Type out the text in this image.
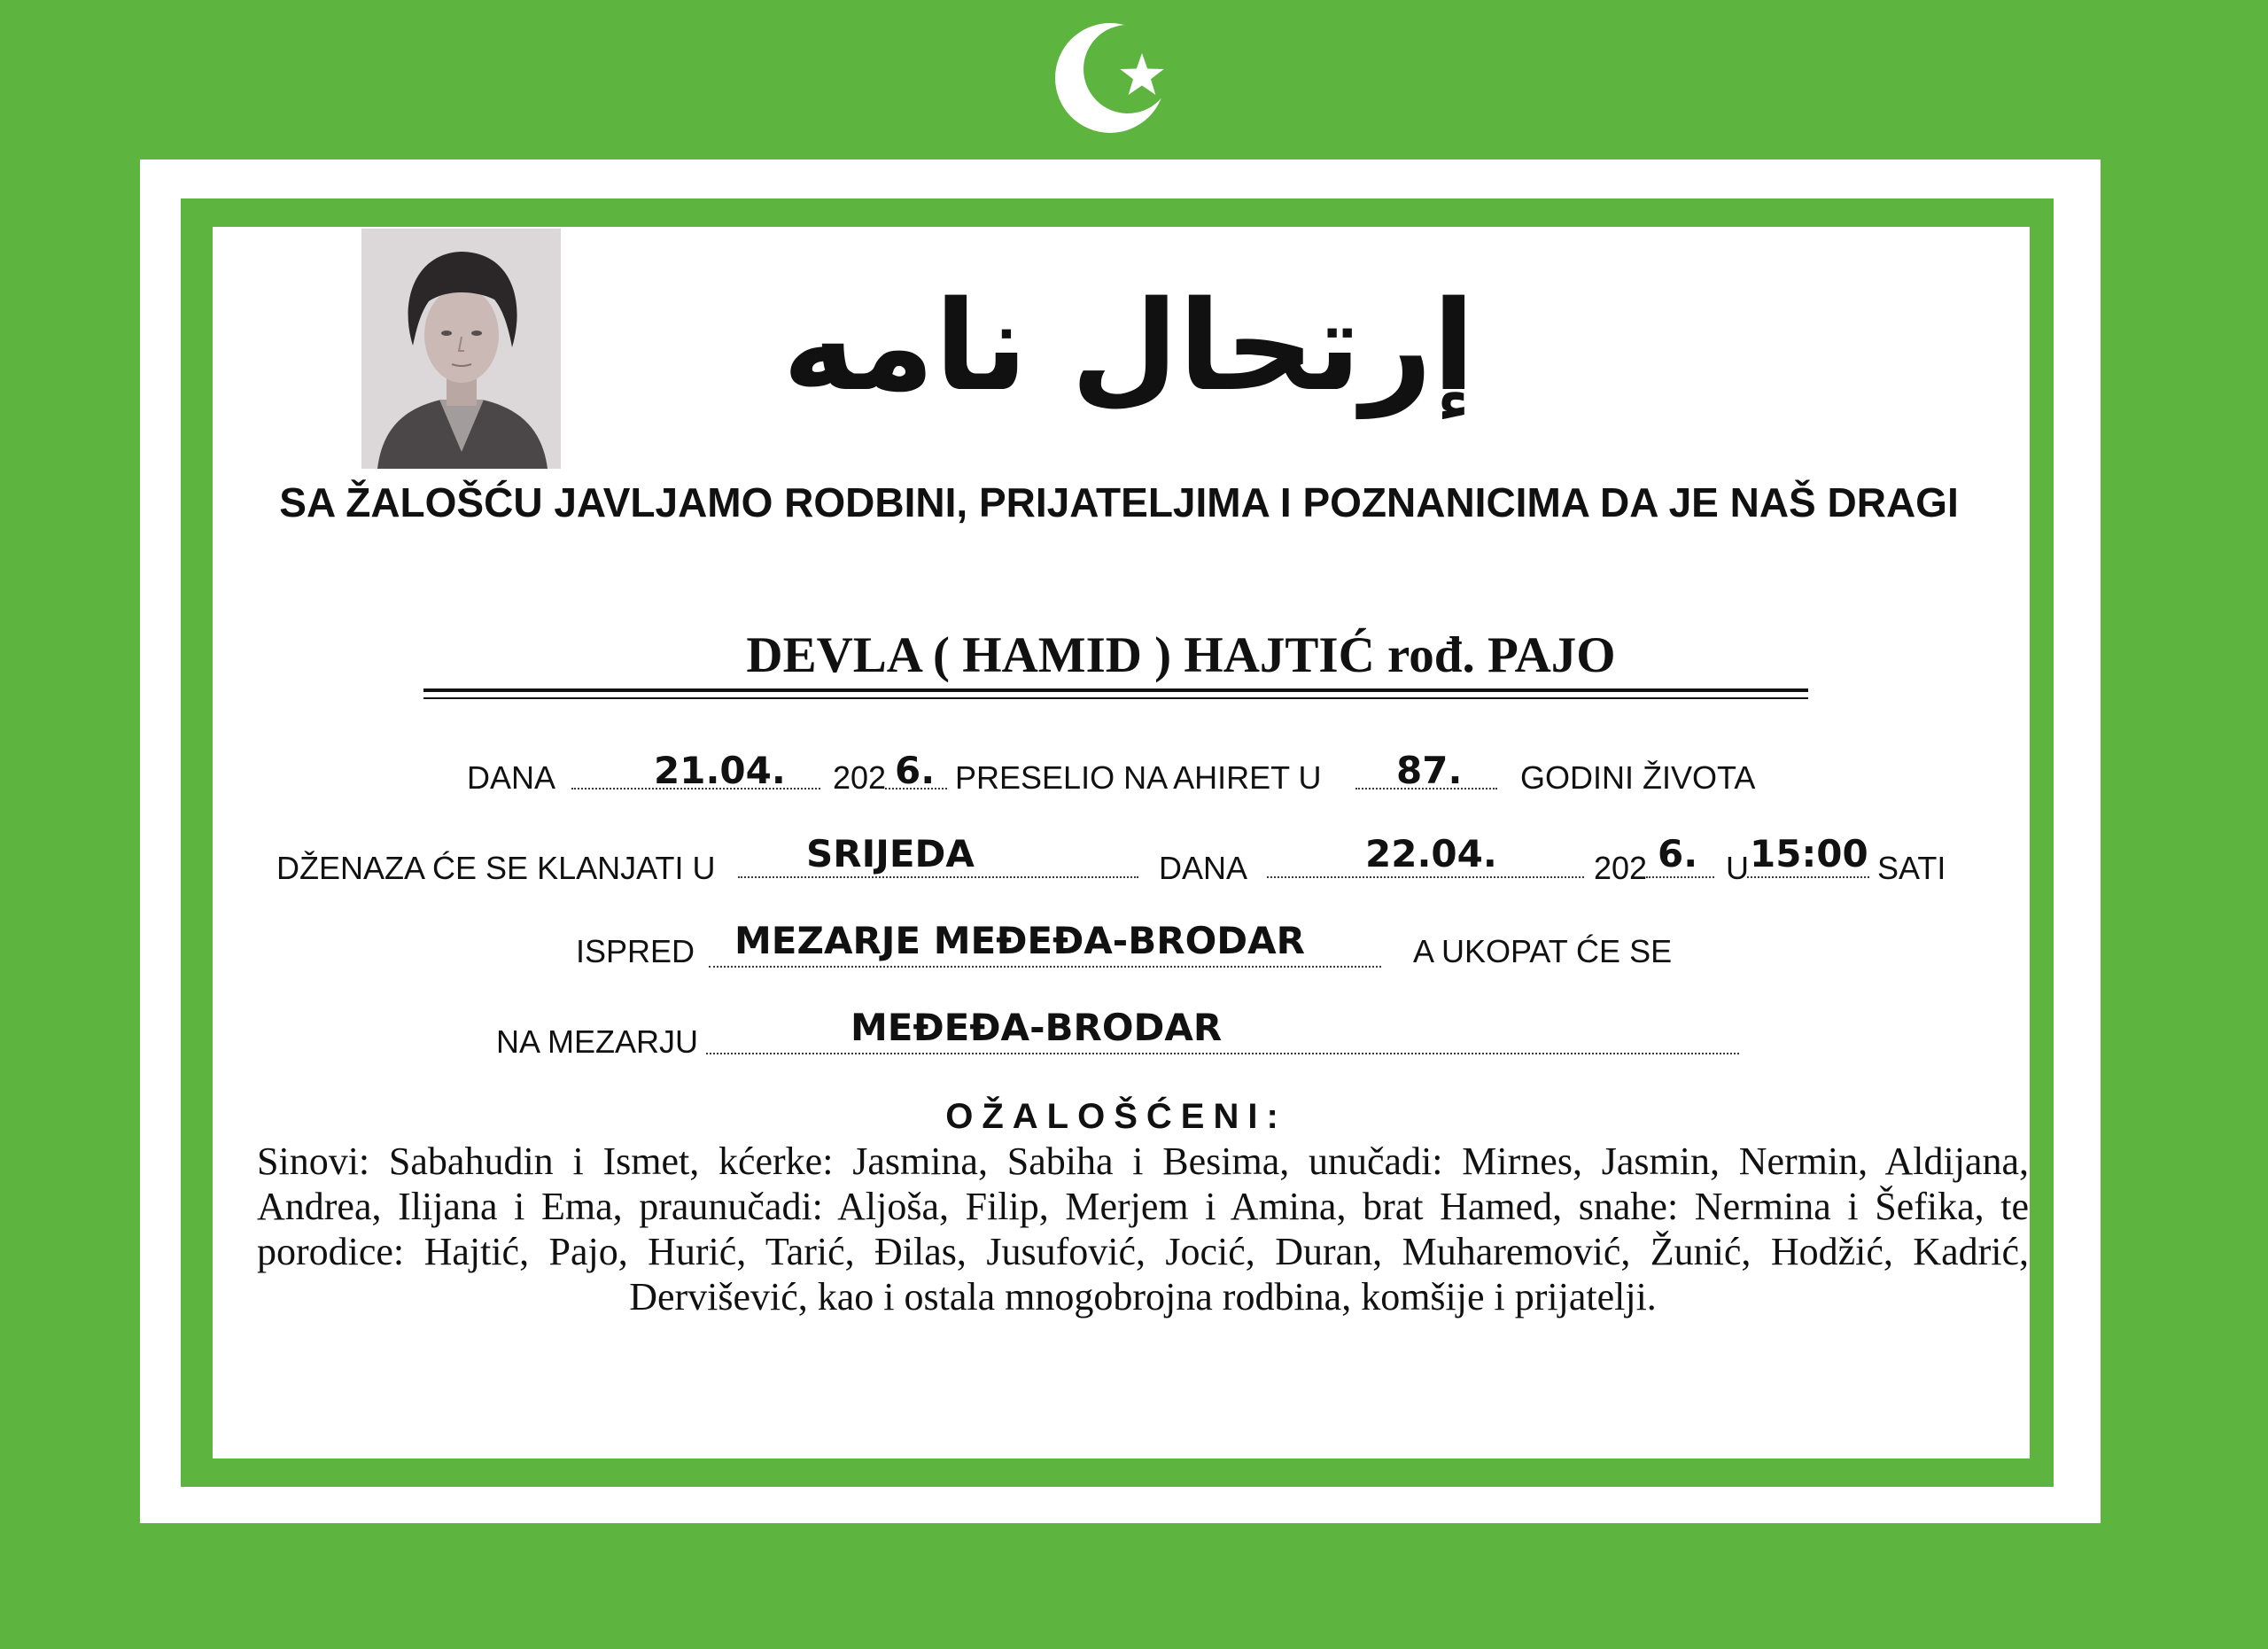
إرتحال نامه
SA ŽALOŠĆU JAVLJAMO RODBINI, PRIJATELJIMA I POZNANICIMA DA JE NAŠ DRAGI
DEVLA ( HAMID ) HAJTIĆ rođ. PAJO
DANA	21.04.	202 6. PRESELIO NA AHIRET U 87.	GODINI ŽIVOTA
DŽENAZA ĆE SE KLANJATI U SRIJEDA	DANA	22.04.	202 6. U 15:00 SATI
ISPRED MEZARJE MEĐEĐA-BRODAR	A UKOPAT ĆE SE
NA MEZARJU	MEĐEĐA-BRODAR
OŽALOŠĆENI:
Sinovi: Sabahudin i Ismet, kćerke: Jasmina, Sabiha i Besima, unučadi: Mirnes, Jasmin, Nermin, Aldijana,
Andrea, Ilijana i Ema, praunučadi: Aljoša, Filip, Merjem i Amina, brat Hamed, snahe: Nermina i Šefika, te
porodice: Hajtić, Pajo, Hurić, Tarić, Đilas, Jusufović, Jocić, Duran, Muharemović, Žunić, Hodžić, Kadrić,
Dervišević, kao i ostala mnogobrojna rodbina, komšije i prijatelji.
